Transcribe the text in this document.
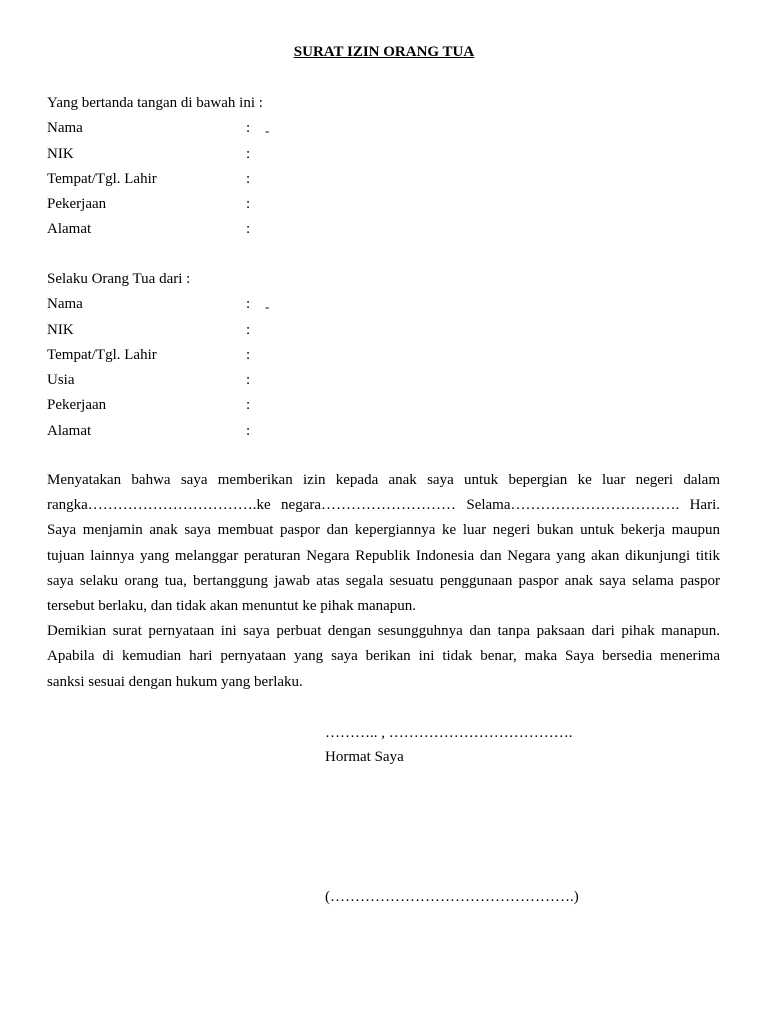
SURAT IZIN ORANG TUA
Yang bertanda tangan di bawah ini :
Nama	: -
NIK	:
Tempat/Tgl. Lahir	:
Pekerjaan	:
Alamat	:
Selaku Orang Tua dari :
Nama	: -
NIK	:
Tempat/Tgl. Lahir	:
Usia	:
Pekerjaan	:
Alamat	:
Menyatakan bahwa saya memberikan izin kepada anak saya untuk bepergian ke luar negeri dalam
rangka…………………………….ke negara……………………… Selama……………………………. Hari.
Saya menjamin anak saya membuat paspor dan kepergiannya ke luar negeri bukan untuk bekerja maupun
tujuan lainnya yang melanggar peraturan Negara Republik Indonesia dan Negara yang akan dikunjungi titik
saya selaku orang tua, bertanggung jawab atas segala sesuatu penggunaan paspor anak saya selama paspor
tersebut berlaku, dan tidak akan menuntut ke pihak manapun.
Demikian surat pernyataan ini saya perbuat dengan sesungguhnya dan tanpa paksaan dari pihak manapun.
Apabila di kemudian hari pernyataan yang saya berikan ini tidak benar, maka Saya bersedia menerima
sanksi sesuai dengan hukum yang berlaku.
……….. , ……………………………….
Hormat Saya
(………………………………………….)
